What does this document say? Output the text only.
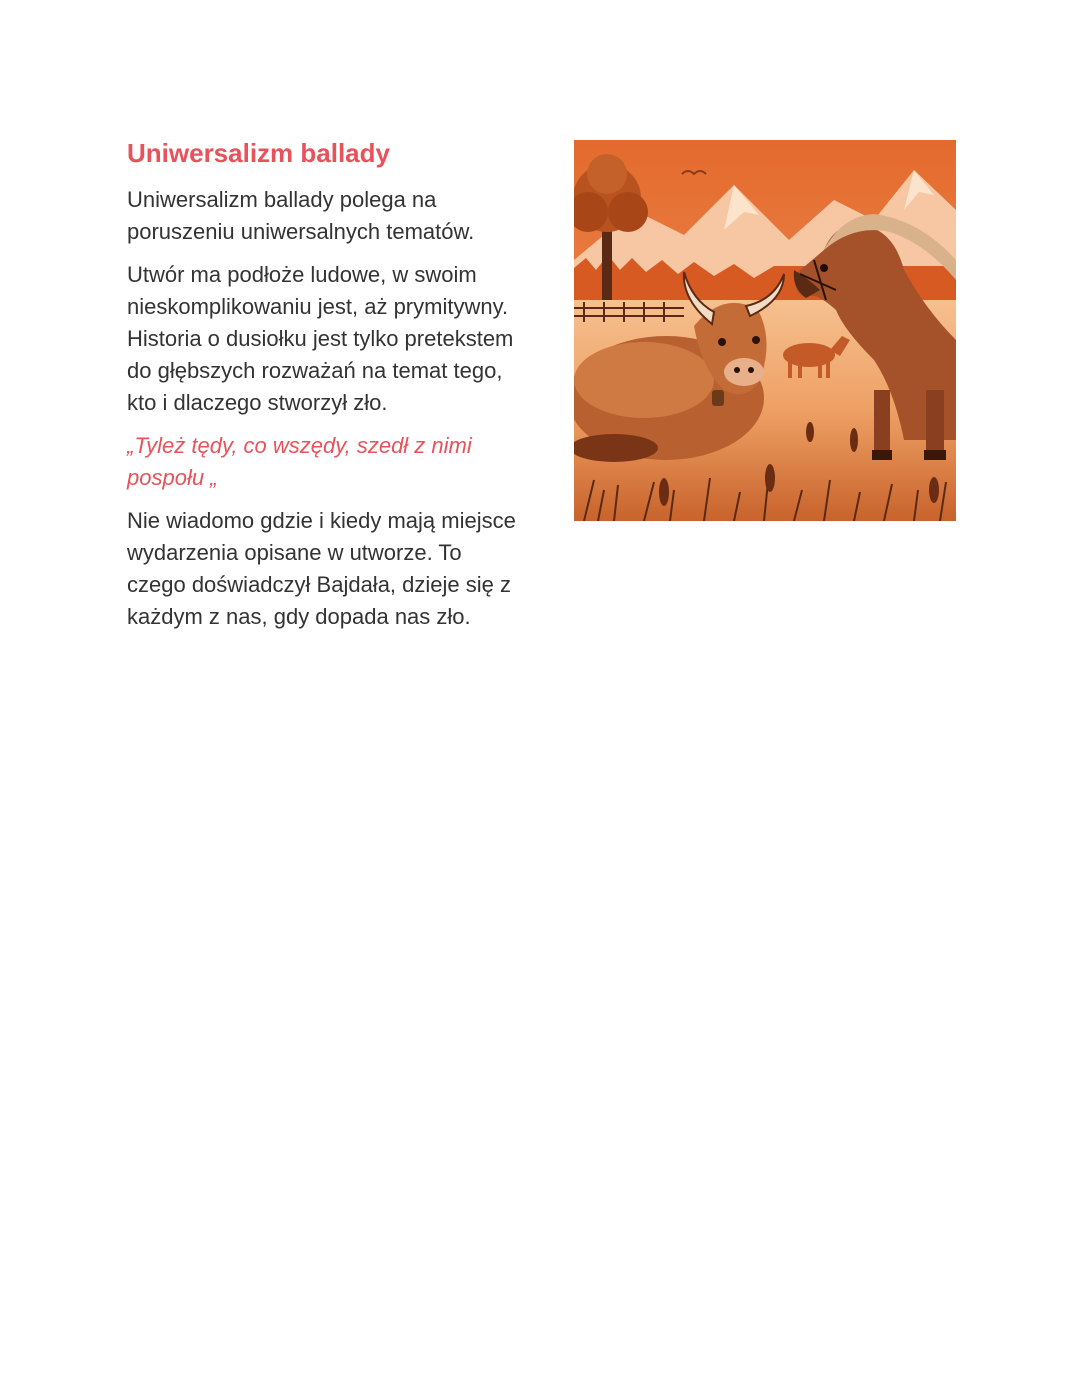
Uniwersalizm ballady

Uniwersalizm ballady polega na poruszeniu uniwersalnych tematów.

Utwór ma podłoże ludowe, w swoim nieskomplikowaniu jest, aż prymitywny. Historia o dusiołku jest tylko pretekstem do głębszych rozważań na temat tego, kto i dlaczego stworzył zło.

„Tyleż tędy, co wszędy, szedł z nimi pospołu „

Nie wiadomo gdzie i kiedy mają miejsce wydarzenia opisane w utworze. To czego doświadczył Bajdała, dzieje się z każdym z nas, gdy dopada nas zło.
